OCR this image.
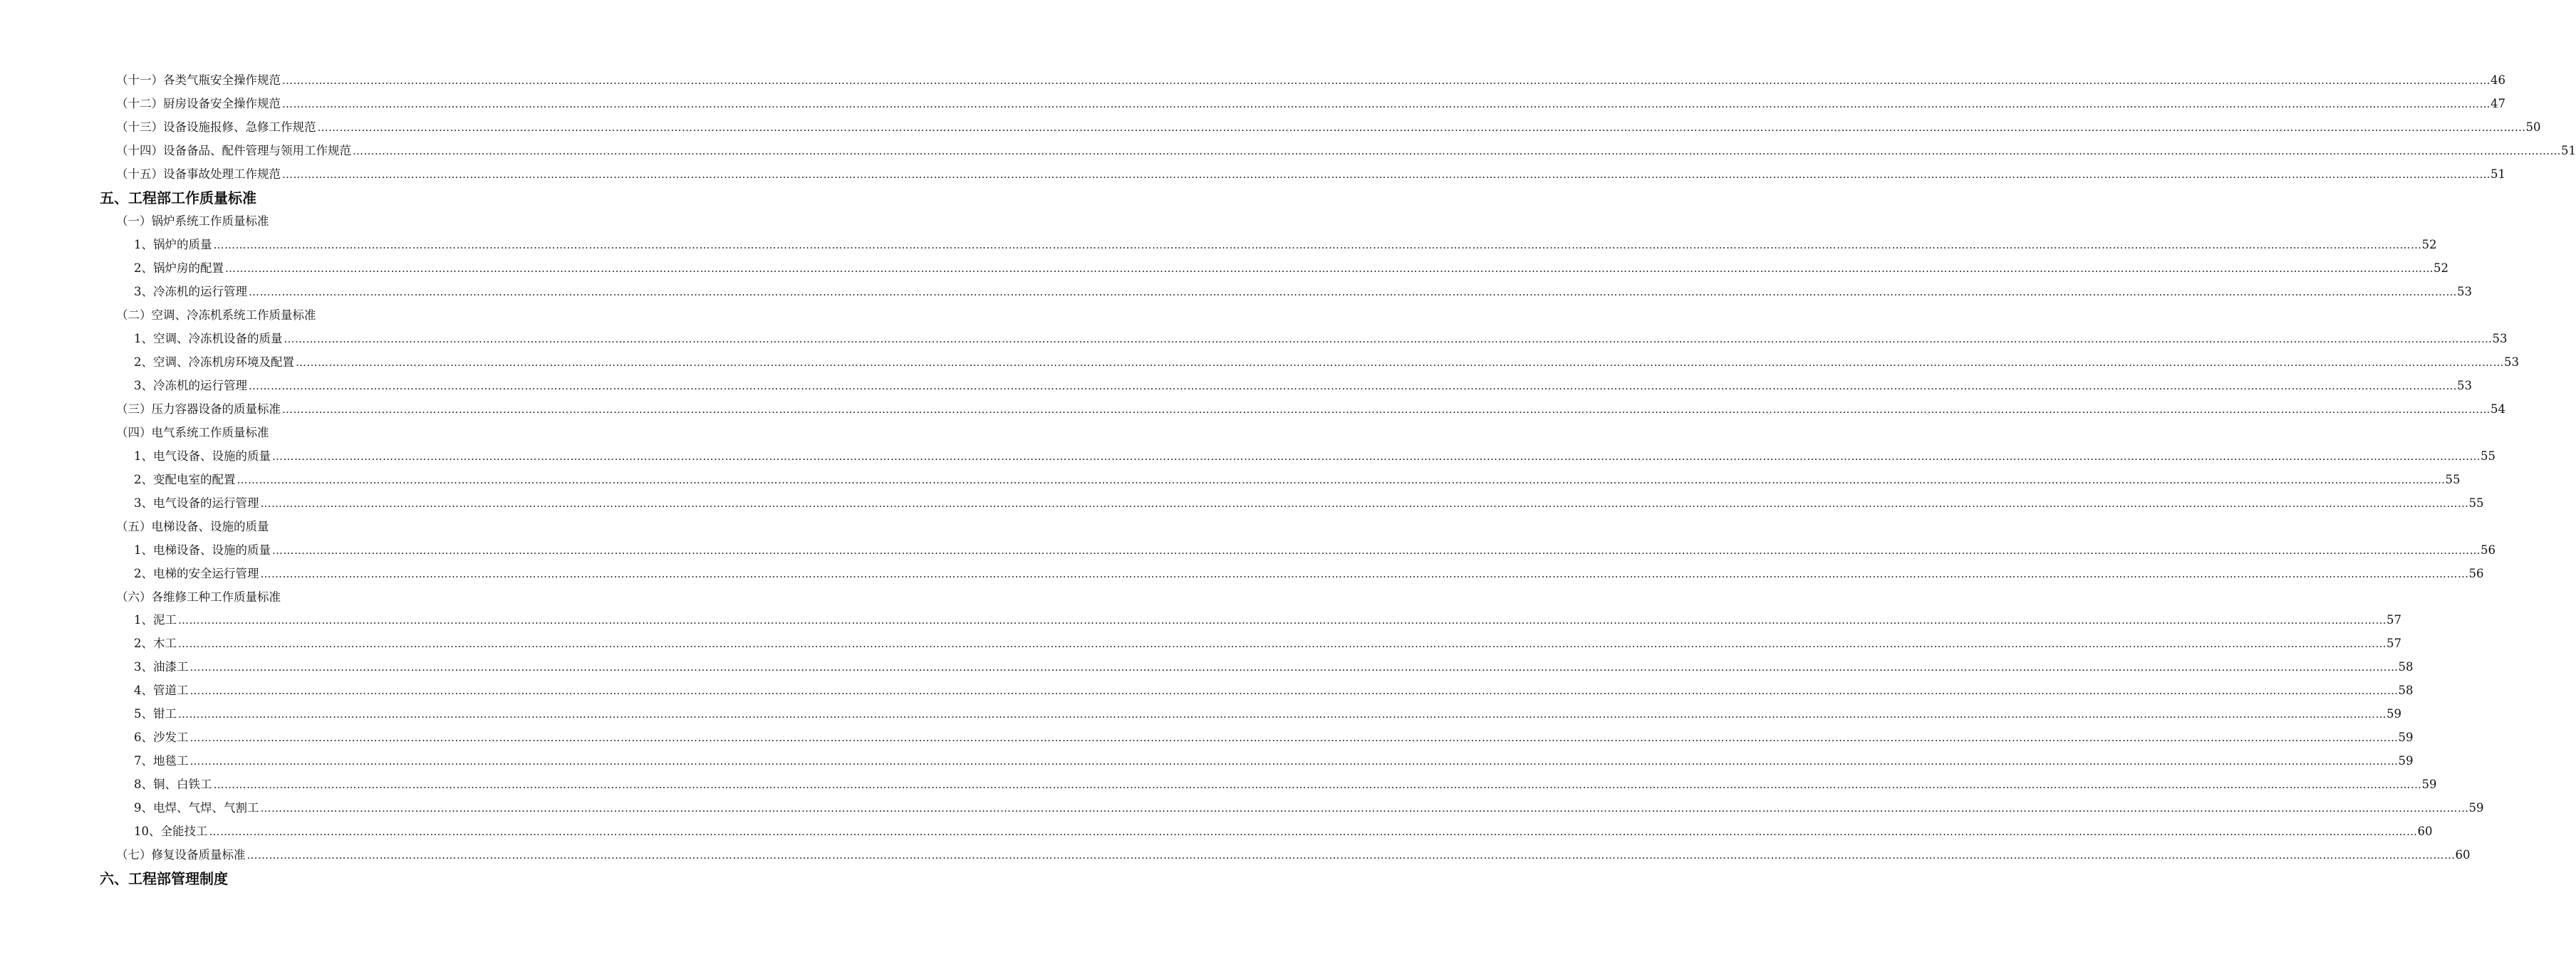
（十一）各类气瓶安全操作规范 …………………………………………………………………………………………………………………………………………………………………………………………………………………………………………………………………………………………………………………………………………………………………………………………………………………………………………………………………………………………………………………………………………………… 46
（十二）厨房设备安全操作规范 …………………………………………………………………………………………………………………………………………………………………………………………………………………………………………………………………………………………………………………………………………………………………………………………………………………………………………………………………………………………………………………………………………………… 47
（十三）设备设施报修、急修工作规范 …………………………………………………………………………………………………………………………………………………………………………………………………………………………………………………………………………………………………………………………………………………………………………………………………………………………………………………………………………………………………………………………………………………… 50
（十四）设备备品、配件管理与领用工作规范 …………………………………………………………………………………………………………………………………………………………………………………………………………………………………………………………………………………………………………………………………………………………………………………………………………………………………………………………………………………………………………………………………………………… 51
（十五）设备事故处理工作规范 …………………………………………………………………………………………………………………………………………………………………………………………………………………………………………………………………………………………………………………………………………………………………………………………………………………………………………………………………………………………………………………………………………………… 51
五、工程部工作质量标准
（一）锅炉系统工作质量标准
1、锅炉的质量 …………………………………………………………………………………………………………………………………………………………………………………………………………………………………………………………………………………………………………………………………………………………………………………………………………………………………………………………………………………………………………………………………………………… 52
2、锅炉房的配置 …………………………………………………………………………………………………………………………………………………………………………………………………………………………………………………………………………………………………………………………………………………………………………………………………………………………………………………………………………………………………………………………………………………… 52
3、冷冻机的运行管理 …………………………………………………………………………………………………………………………………………………………………………………………………………………………………………………………………………………………………………………………………………………………………………………………………………………………………………………………………………………………………………………………………………………… 53
（二）空调、冷冻机系统工作质量标准
1、空调、冷冻机设备的质量 …………………………………………………………………………………………………………………………………………………………………………………………………………………………………………………………………………………………………………………………………………………………………………………………………………………………………………………………………………………………………………………………………………………… 53
2、空调、冷冻机房环境及配置 …………………………………………………………………………………………………………………………………………………………………………………………………………………………………………………………………………………………………………………………………………………………………………………………………………………………………………………………………………………………………………………………………………………… 53
3、冷冻机的运行管理 …………………………………………………………………………………………………………………………………………………………………………………………………………………………………………………………………………………………………………………………………………………………………………………………………………………………………………………………………………………………………………………………………………………… 53
（三）压力容器设备的质量标准 …………………………………………………………………………………………………………………………………………………………………………………………………………………………………………………………………………………………………………………………………………………………………………………………………………………………………………………………………………………………………………………………………………………… 54
（四）电气系统工作质量标准
1、电气设备、设施的质量 …………………………………………………………………………………………………………………………………………………………………………………………………………………………………………………………………………………………………………………………………………………………………………………………………………………………………………………………………………………………………………………………………………………… 55
2、变配电室的配置 …………………………………………………………………………………………………………………………………………………………………………………………………………………………………………………………………………………………………………………………………………………………………………………………………………………………………………………………………………………………………………………………………………………… 55
3、电气设备的运行管理 …………………………………………………………………………………………………………………………………………………………………………………………………………………………………………………………………………………………………………………………………………………………………………………………………………………………………………………………………………………………………………………………………………………… 55
（五）电梯设备、设施的质量
1、电梯设备、设施的质量 …………………………………………………………………………………………………………………………………………………………………………………………………………………………………………………………………………………………………………………………………………………………………………………………………………………………………………………………………………………………………………………………………………………… 56
2、电梯的安全运行管理 …………………………………………………………………………………………………………………………………………………………………………………………………………………………………………………………………………………………………………………………………………………………………………………………………………………………………………………………………………………………………………………………………………………… 56
（六）各维修工种工作质量标准
1、泥工 …………………………………………………………………………………………………………………………………………………………………………………………………………………………………………………………………………………………………………………………………………………………………………………………………………………………………………………………………………………………………………………………………………………… 57
2、木工 …………………………………………………………………………………………………………………………………………………………………………………………………………………………………………………………………………………………………………………………………………………………………………………………………………………………………………………………………………………………………………………………………………………… 57
3、油漆工 …………………………………………………………………………………………………………………………………………………………………………………………………………………………………………………………………………………………………………………………………………………………………………………………………………………………………………………………………………………………………………………………………………………… 58
4、管道工 …………………………………………………………………………………………………………………………………………………………………………………………………………………………………………………………………………………………………………………………………………………………………………………………………………………………………………………………………………………………………………………………………………………… 58
5、钳工 …………………………………………………………………………………………………………………………………………………………………………………………………………………………………………………………………………………………………………………………………………………………………………………………………………………………………………………………………………………………………………………………………………………… 59
6、沙发工 …………………………………………………………………………………………………………………………………………………………………………………………………………………………………………………………………………………………………………………………………………………………………………………………………………………………………………………………………………………………………………………………………………………… 59
7、地毯工 …………………………………………………………………………………………………………………………………………………………………………………………………………………………………………………………………………………………………………………………………………………………………………………………………………………………………………………………………………………………………………………………………………………… 59
8、铜、白铁工 …………………………………………………………………………………………………………………………………………………………………………………………………………………………………………………………………………………………………………………………………………………………………………………………………………………………………………………………………………………………………………………………………………………… 59
9、电焊、气焊、气割工 …………………………………………………………………………………………………………………………………………………………………………………………………………………………………………………………………………………………………………………………………………………………………………………………………………………………………………………………………………………………………………………………………………………… 59
10、全能技工 …………………………………………………………………………………………………………………………………………………………………………………………………………………………………………………………………………………………………………………………………………………………………………………………………………………………………………………………………………………………………………………………………………………… 60
（七）修复设备质量标准 …………………………………………………………………………………………………………………………………………………………………………………………………………………………………………………………………………………………………………………………………………………………………………………………………………………………………………………………………………………………………………………………………………………… 60
六、工程部管理制度
